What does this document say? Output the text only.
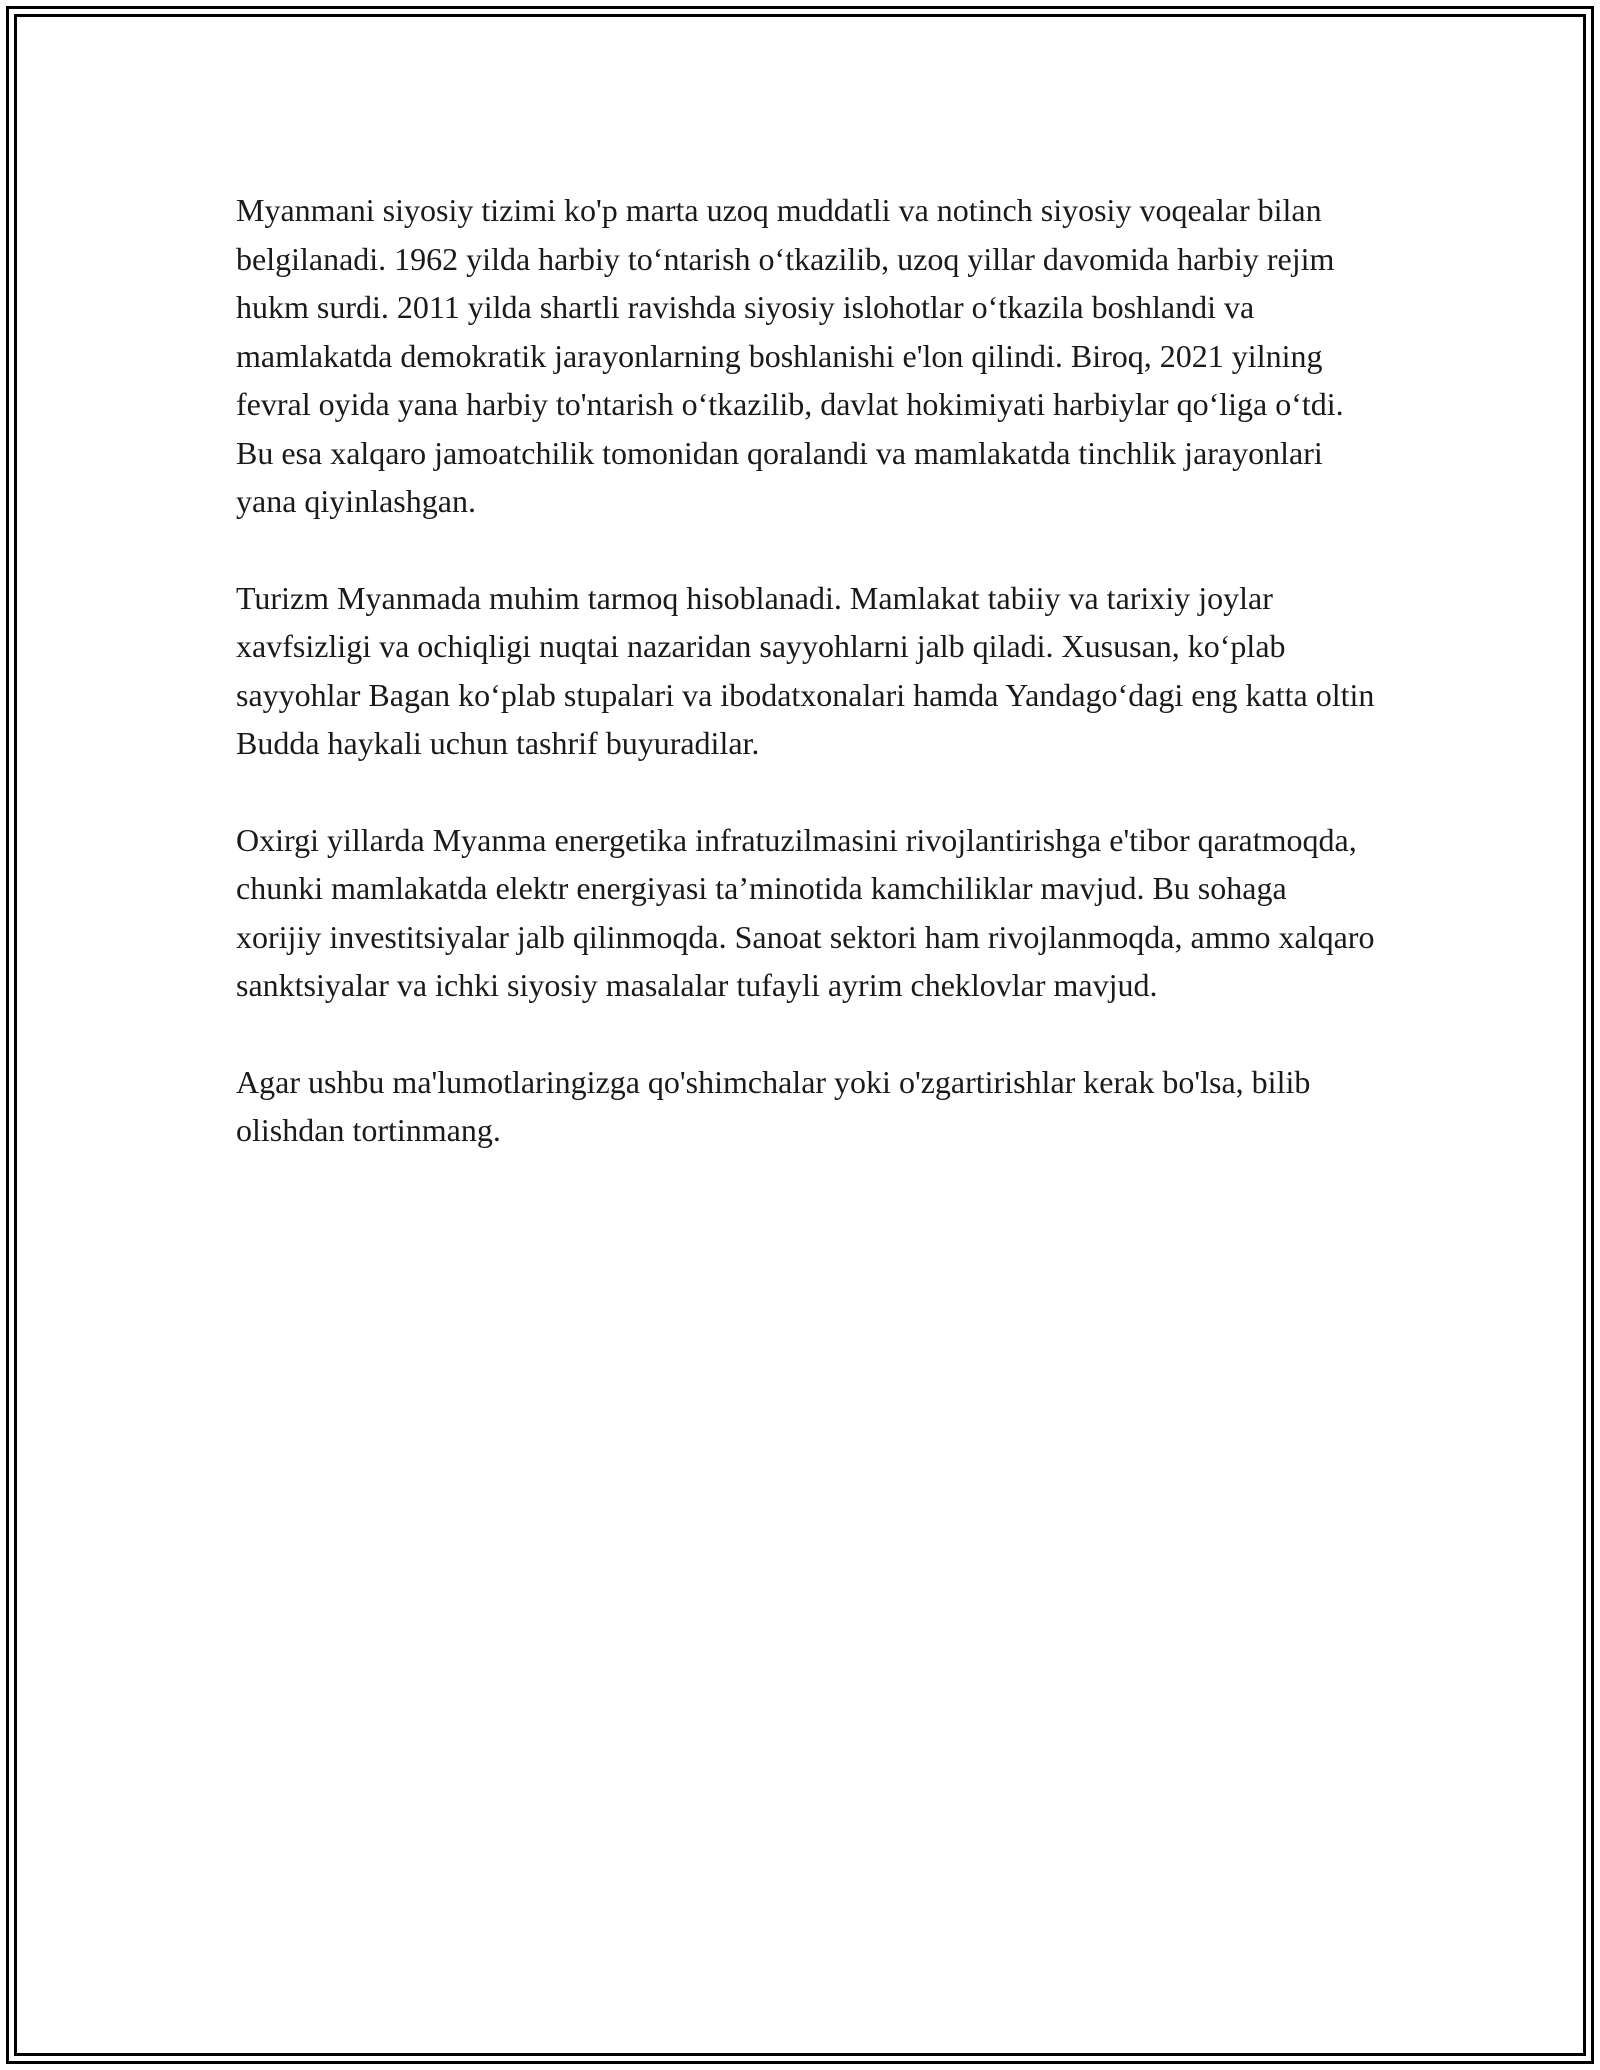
Myanmani siyosiy tizimi ko'p marta uzoq muddatli va notinch siyosiy voqealar bilan belgilanadi. 1962 yilda harbiy to‘ntarish o‘tkazilib, uzoq yillar davomida harbiy rejim hukm surdi. 2011 yilda shartli ravishda siyosiy islohotlar o‘tkazila boshlandi va mamlakatda demokratik jarayonlarning boshlanishi e'lon qilindi. Biroq, 2021 yilning fevral oyida yana harbiy to'ntarish o‘tkazilib, davlat hokimiyati harbiylar qo‘liga o‘tdi. Bu esa xalqaro jamoatchilik tomonidan qoralandi va mamlakatda tinchlik jarayonlari yana qiyinlashgan.

Turizm Myanmada muhim tarmoq hisoblanadi. Mamlakat tabiiy va tarixiy joylar xavfsizligi va ochiqligi nuqtai nazaridan sayyohlarni jalb qiladi. Xususan, ko‘plab sayyohlar Bagan ko‘plab stupalari va ibodatxonalari hamda Yandago‘dagi eng katta oltin Budda haykali uchun tashrif buyuradilar.

Oxirgi yillarda Myanma energetika infratuzilmasini rivojlantirishga e'tibor qaratmoqda, chunki mamlakatda elektr energiyasi ta’minotida kamchiliklar mavjud. Bu sohaga xorijiy investitsiyalar jalb qilinmoqda. Sanoat sektori ham rivojlanmoqda, ammo xalqaro sanktsiyalar va ichki siyosiy masalalar tufayli ayrim cheklovlar mavjud.

Agar ushbu ma'lumotlaringizga qo'shimchalar yoki o'zgartirishlar kerak bo'lsa, bilib olishdan tortinmang.
